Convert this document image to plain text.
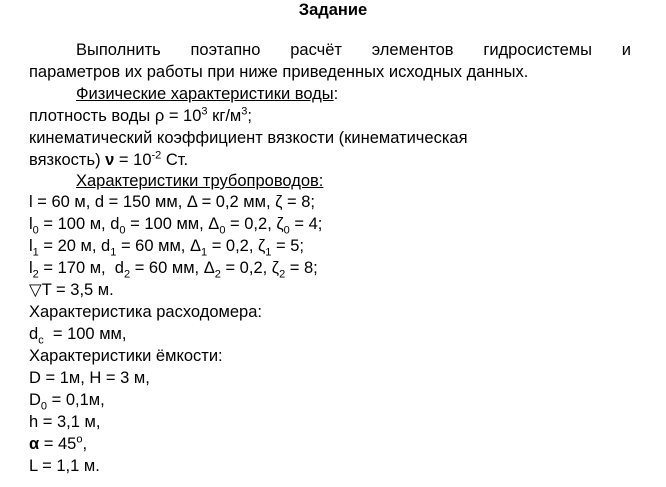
Задание
Выполнить поэтапно расчёт элементов гидросистемы и
параметров их работы при ниже приведенных исходных данных.
Физические характеристики воды:
плотность воды $\rho = 10^3$ $кг/м^3$;
кинематический коэффициент вязкости (кинематическая
вязкость) $\nu = 10^{-2}$ Ст.
Характеристики трубопроводов:
l = 60 м, d = 150 мм, Δ = 0,2 мм, ζ = 8;
$l_0 = 100$ м, $d_0 = 100$ мм, $\Delta_0 = 0,2$, $\zeta_0 = 4$;
$l_1 = 20$ м, $d_1 = 60$ мм, $\Delta_1 = 0,2$, $\zeta_1 = 5$;
$l_2 = 170$ м,  $d_2 = 60$ мм, $\Delta_2 = 0,2$, $\zeta_2 = 8$;
▽T = 3,5 м.
Характеристика расходомера:
$d_c = 100$ мм,
Характеристики ёмкости:
D = 1м, H = 3 м,
$D_0 = 0,1м$,
h = 3,1 м,
$\alpha = 45^o$,
L = 1,1 м.
